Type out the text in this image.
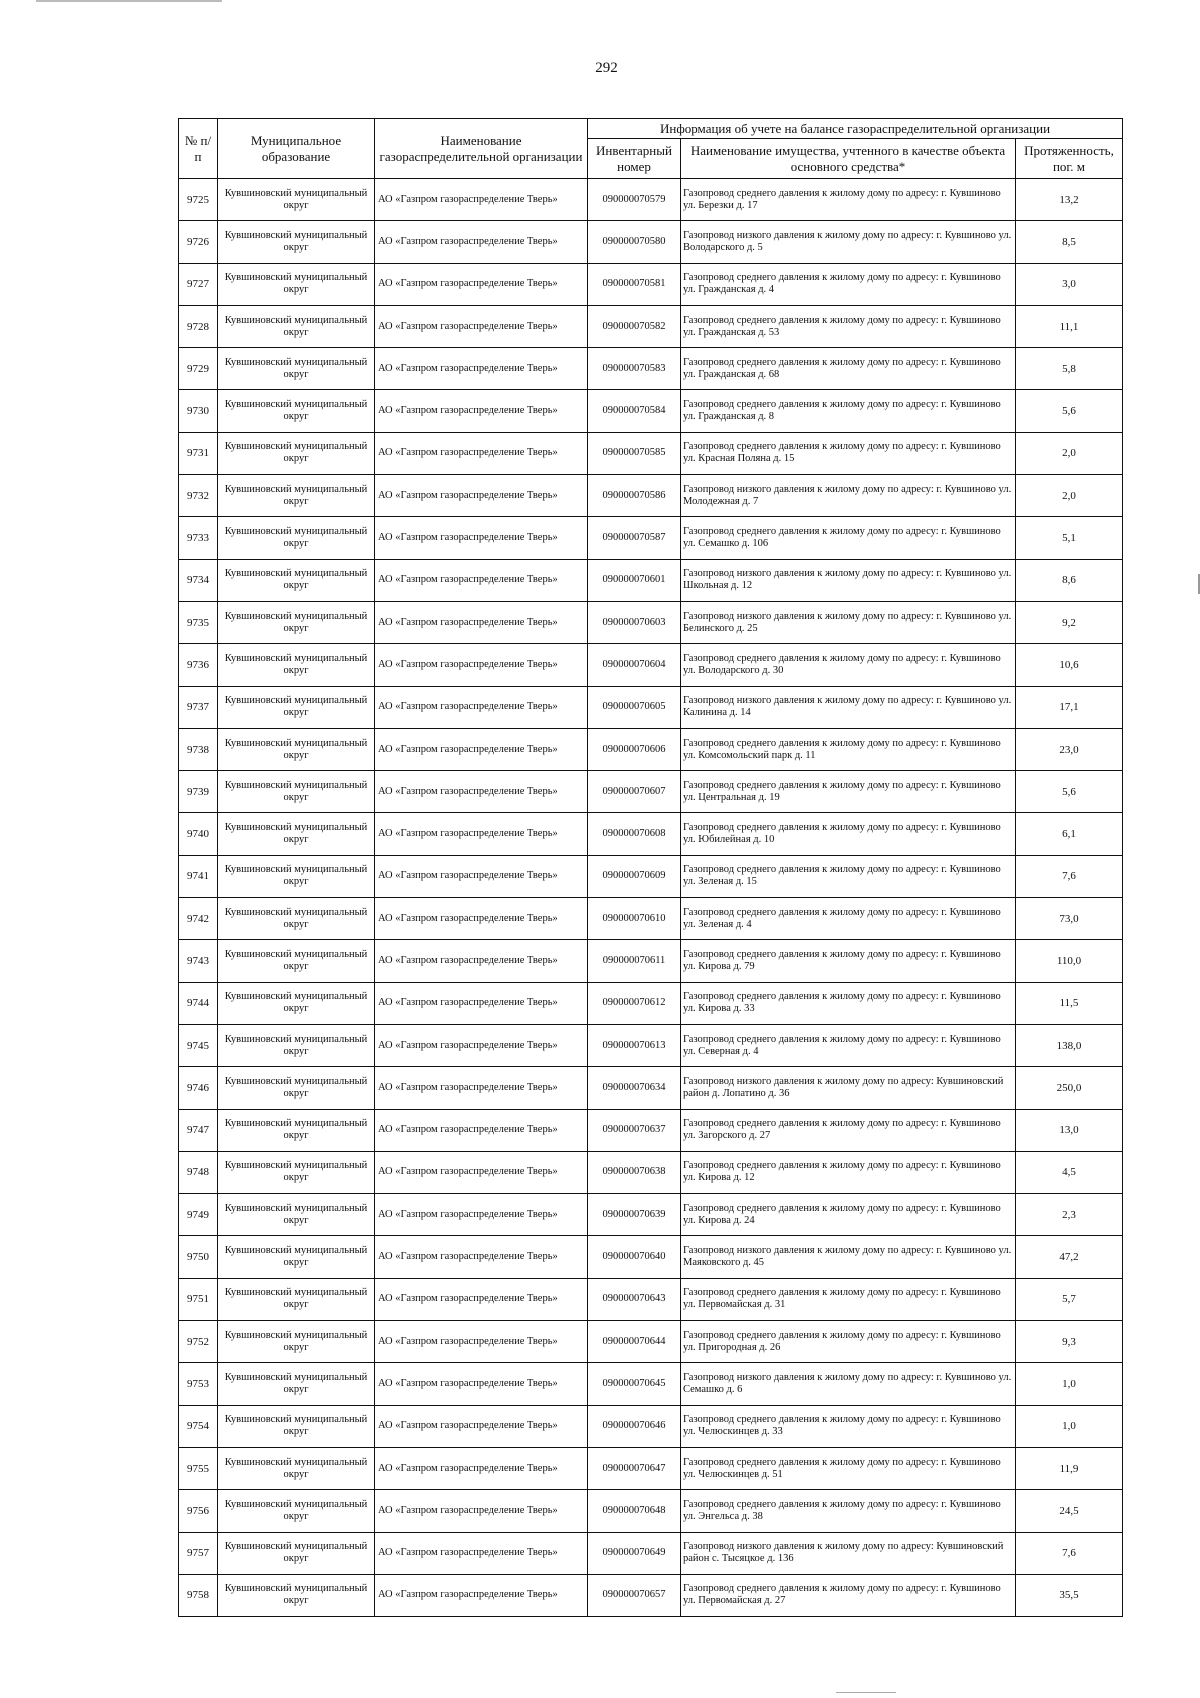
292
№ п/п	Муниципальное образование	Наименование газораспределительной организации	Информация об учете на балансе газораспределительной организации		
			Инвентарный номер	Наименование имущества, учтенного в качестве объекта основного средства*	Протяженность, пог. м
9725	Кувшиновский муниципальный округ	АО «Газпром газораспределение Тверь»	090000070579	Газопровод среднего давления к жилому дому по адресу: г. Кувшиново ул. Березки д. 17	13,2
9726	Кувшиновский муниципальный округ	АО «Газпром газораспределение Тверь»	090000070580	Газопровод низкого давления к жилому дому по адресу: г. Кувшиново ул. Володарского д. 5	8,5
9727	Кувшиновский муниципальный округ	АО «Газпром газораспределение Тверь»	090000070581	Газопровод среднего давления к жилому дому по адресу: г. Кувшиново ул. Гражданская д. 4	3,0
9728	Кувшиновский муниципальный округ	АО «Газпром газораспределение Тверь»	090000070582	Газопровод среднего давления к жилому дому по адресу: г. Кувшиново ул. Гражданская д. 53	11,1
9729	Кувшиновский муниципальный округ	АО «Газпром газораспределение Тверь»	090000070583	Газопровод среднего давления к жилому дому по адресу: г. Кувшиново ул. Гражданская д. 68	5,8
9730	Кувшиновский муниципальный округ	АО «Газпром газораспределение Тверь»	090000070584	Газопровод среднего давления к жилому дому по адресу: г. Кувшиново ул. Гражданская д. 8	5,6
9731	Кувшиновский муниципальный округ	АО «Газпром газораспределение Тверь»	090000070585	Газопровод среднего давления к жилому дому по адресу: г. Кувшиново ул. Красная Поляна д. 15	2,0
9732	Кувшиновский муниципальный округ	АО «Газпром газораспределение Тверь»	090000070586	Газопровод низкого давления к жилому дому по адресу: г. Кувшиново ул. Молодежная д. 7	2,0
9733	Кувшиновский муниципальный округ	АО «Газпром газораспределение Тверь»	090000070587	Газопровод среднего давления к жилому дому по адресу: г. Кувшиново ул. Семашко д. 106	5,1
9734	Кувшиновский муниципальный округ	АО «Газпром газораспределение Тверь»	090000070601	Газопровод низкого давления к жилому дому по адресу: г. Кувшиново ул. Школьная д. 12	8,6
9735	Кувшиновский муниципальный округ	АО «Газпром газораспределение Тверь»	090000070603	Газопровод низкого давления к жилому дому по адресу: г. Кувшиново ул. Белинского д. 25	9,2
9736	Кувшиновский муниципальный округ	АО «Газпром газораспределение Тверь»	090000070604	Газопровод среднего давления к жилому дому по адресу: г. Кувшиново ул. Володарского д. 30	10,6
9737	Кувшиновский муниципальный округ	АО «Газпром газораспределение Тверь»	090000070605	Газопровод низкого давления к жилому дому по адресу: г. Кувшиново ул. Калинина д. 14	17,1
9738	Кувшиновский муниципальный округ	АО «Газпром газораспределение Тверь»	090000070606	Газопровод среднего давления к жилому дому по адресу: г. Кувшиново ул. Комсомольский парк д. 11	23,0
9739	Кувшиновский муниципальный округ	АО «Газпром газораспределение Тверь»	090000070607	Газопровод среднего давления к жилому дому по адресу: г. Кувшиново ул. Центральная д. 19	5,6
9740	Кувшиновский муниципальный округ	АО «Газпром газораспределение Тверь»	090000070608	Газопровод среднего давления к жилому дому по адресу: г. Кувшиново ул. Юбилейная д. 10	6,1
9741	Кувшиновский муниципальный округ	АО «Газпром газораспределение Тверь»	090000070609	Газопровод среднего давления к жилому дому по адресу: г. Кувшиново ул. Зеленая д. 15	7,6
9742	Кувшиновский муниципальный округ	АО «Газпром газораспределение Тверь»	090000070610	Газопровод среднего давления к жилому дому по адресу: г. Кувшиново ул. Зеленая д. 4	73,0
9743	Кувшиновский муниципальный округ	АО «Газпром газораспределение Тверь»	090000070611	Газопровод среднего давления к жилому дому по адресу: г. Кувшиново ул. Кирова д. 79	110,0
9744	Кувшиновский муниципальный округ	АО «Газпром газораспределение Тверь»	090000070612	Газопровод среднего давления к жилому дому по адресу: г. Кувшиново ул. Кирова д. 33	11,5
9745	Кувшиновский муниципальный округ	АО «Газпром газораспределение Тверь»	090000070613	Газопровод среднего давления к жилому дому по адресу: г. Кувшиново ул. Северная д. 4	138,0
9746	Кувшиновский муниципальный округ	АО «Газпром газораспределение Тверь»	090000070634	Газопровод низкого давления к жилому дому по адресу: Кувшиновский район д. Лопатино д. 36	250,0
9747	Кувшиновский муниципальный округ	АО «Газпром газораспределение Тверь»	090000070637	Газопровод среднего давления к жилому дому по адресу: г. Кувшиново ул. Загорского д. 27	13,0
9748	Кувшиновский муниципальный округ	АО «Газпром газораспределение Тверь»	090000070638	Газопровод среднего давления к жилому дому по адресу: г. Кувшиново ул. Кирова д. 12	4,5
9749	Кувшиновский муниципальный округ	АО «Газпром газораспределение Тверь»	090000070639	Газопровод среднего давления к жилому дому по адресу: г. Кувшиново ул. Кирова д. 24	2,3
9750	Кувшиновский муниципальный округ	АО «Газпром газораспределение Тверь»	090000070640	Газопровод низкого давления к жилому дому по адресу: г. Кувшиново ул. Маяковского д. 45	47,2
9751	Кувшиновский муниципальный округ	АО «Газпром газораспределение Тверь»	090000070643	Газопровод среднего давления к жилому дому по адресу: г. Кувшиново ул. Первомайская д. 31	5,7
9752	Кувшиновский муниципальный округ	АО «Газпром газораспределение Тверь»	090000070644	Газопровод среднего давления к жилому дому по адресу: г. Кувшиново ул. Пригородная д. 26	9,3
9753	Кувшиновский муниципальный округ	АО «Газпром газораспределение Тверь»	090000070645	Газопровод низкого давления к жилому дому по адресу: г. Кувшиново ул. Семашко д. 6	1,0
9754	Кувшиновский муниципальный округ	АО «Газпром газораспределение Тверь»	090000070646	Газопровод среднего давления к жилому дому по адресу: г. Кувшиново ул. Челюскинцев д. 33	1,0
9755	Кувшиновский муниципальный округ	АО «Газпром газораспределение Тверь»	090000070647	Газопровод среднего давления к жилому дому по адресу: г. Кувшиново ул. Челюскинцев д. 51	11,9
9756	Кувшиновский муниципальный округ	АО «Газпром газораспределение Тверь»	090000070648	Газопровод среднего давления к жилому дому по адресу: г. Кувшиново ул. Энгельса д. 38	24,5
9757	Кувшиновский муниципальный округ	АО «Газпром газораспределение Тверь»	090000070649	Газопровод низкого давления к жилому дому по адресу: Кувшиновский район с. Тысяцкое д. 136	7,6
9758	Кувшиновский муниципальный округ	АО «Газпром газораспределение Тверь»	090000070657	Газопровод среднего давления к жилому дому по адресу: г. Кувшиново ул. Первомайская д. 27	35,5
